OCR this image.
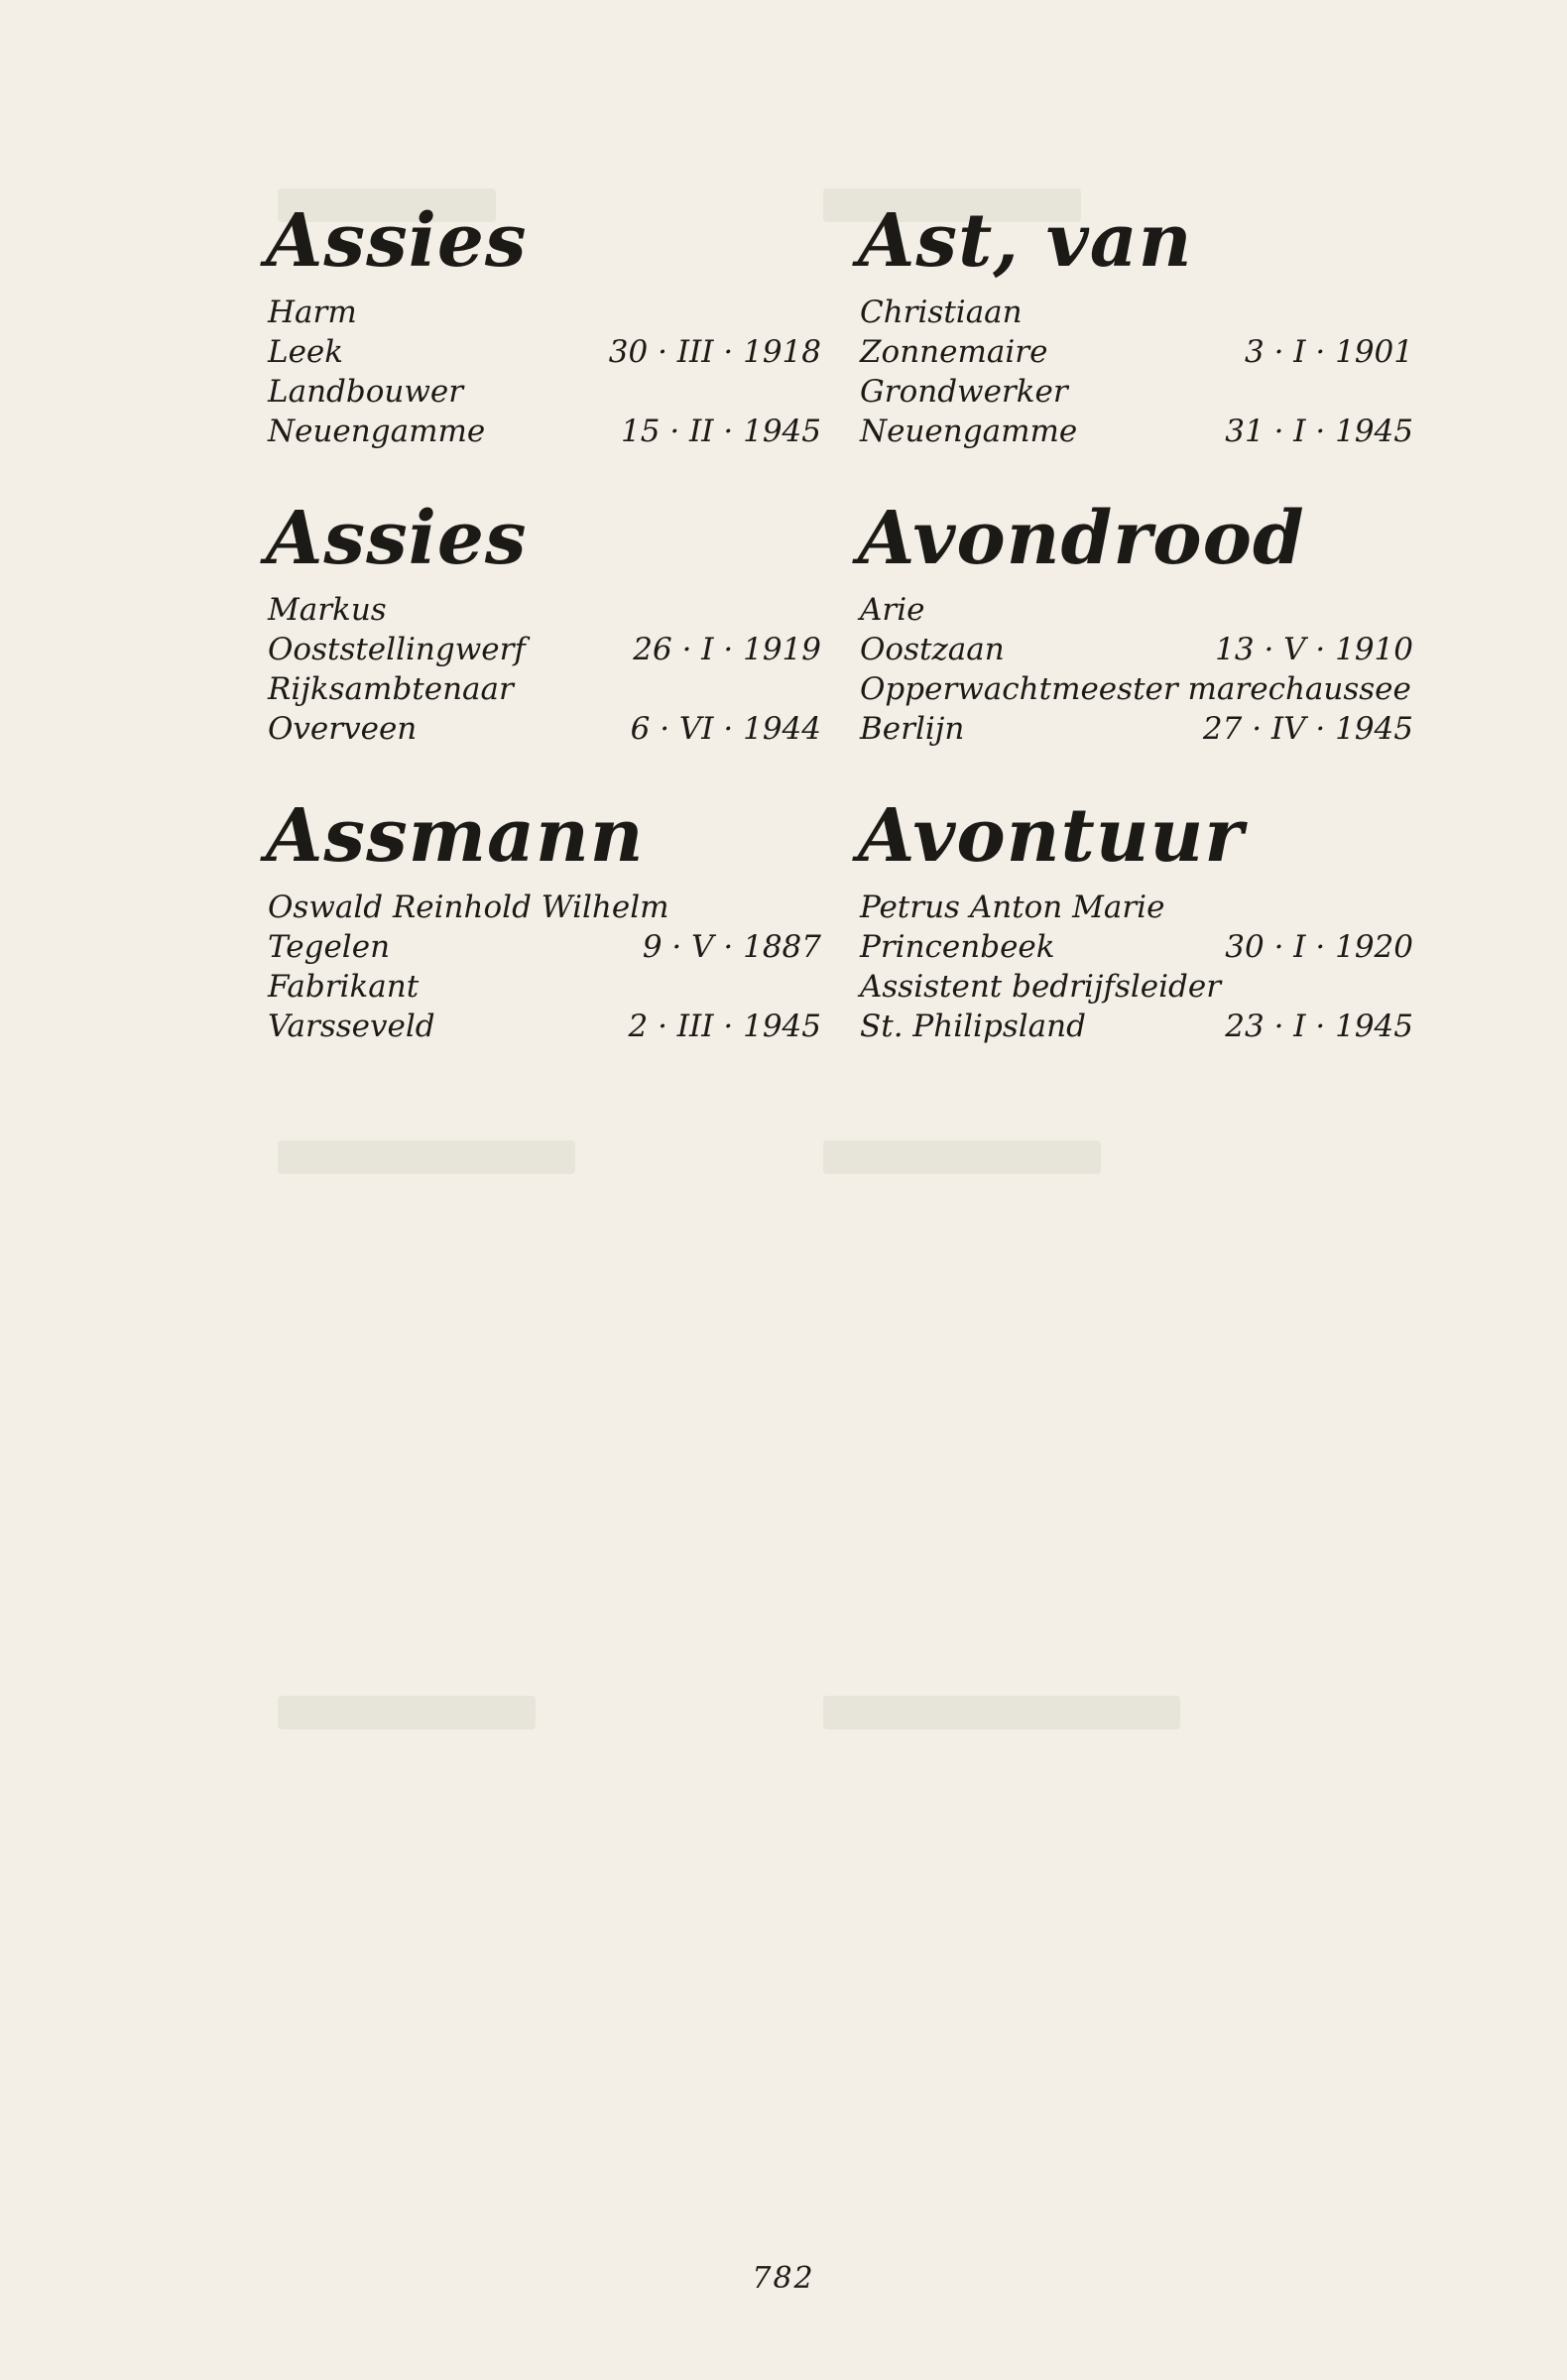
Assies
Harm
Leek	30 · III · 1918
Landbouwer
Neuengamme	15 · II · 1945
Assies
Markus
Ooststellingwerf	26 · I · 1919
Rijksambtenaar
Overveen	6 · VI · 1944
Assmann
Oswald Reinhold Wilhelm
Tegelen	9 · V · 1887
Fabrikant
Varsseveld	2 · III · 1945
Ast, van
Christiaan
Zonnemaire	3 · I · 1901
Grondwerker
Neuengamme	31 · I · 1945
Avondrood
Arie
Oostzaan	13 · V · 1910
Opperwachtmeester marechaussee
Berlijn	27 · IV · 1945
Avontuur
Petrus Anton Marie
Princenbeek	30 · I · 1920
Assistent bedrijfsleider
St. Philipsland	23 · I · 1945
782
